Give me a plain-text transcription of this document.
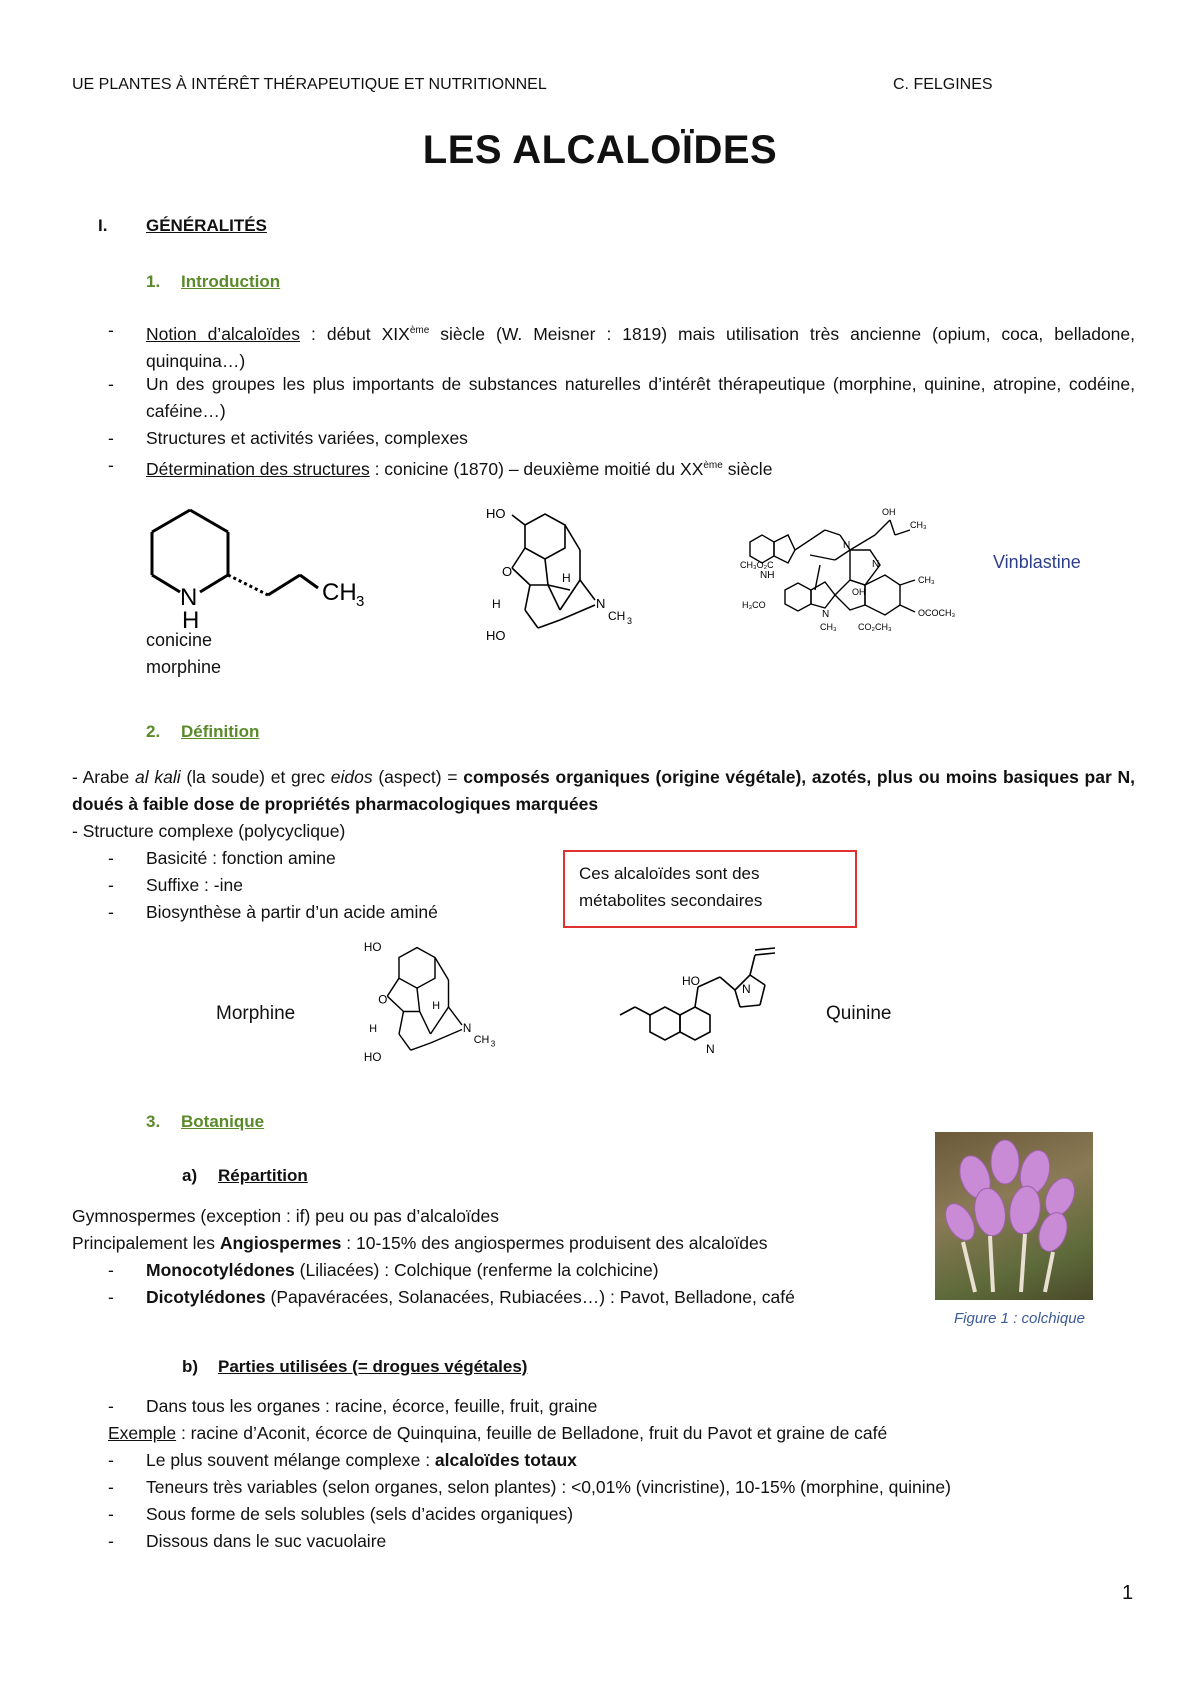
UE PLANTES À INTÉRÊT THÉRAPEUTIQUE ET NUTRITIONNEL	C. FELGINES
LES ALCALOÏDES
I. GÉNÉRALITÉS
1. Introduction
- Notion d’alcaloïdes : début XIXème siècle (W. Meisner : 1819) mais utilisation très ancienne (opium, coca, belladone, quinquina…)
- Un des groupes les plus importants de substances naturelles d’intérêt thérapeutique (morphine, quinine, atropine, codéine, caféine…)
- Structures et activités variées, complexes
- Détermination des structures : conicine (1870) – deuxième moitié du XXème siècle
N
H
CH 3
conicine
morphine
HO
O	H
H	N
CH 3
HO
NH
CH₃O₂C
N
OH
CH₃
N
CH₃
OH
OCOCH₃
H₃CO
N
CH₃ CO₂CH₃
Vinblastine
2. Définition
- Arabe al kali (la soude) et grec eidos (aspect) = composés organiques (origine végétale), azotés, plus ou moins basiques par N, doués à faible dose de propriétés pharmacologiques marquées
- Structure complexe (polycyclique)
- Basicité : fonction amine
- Suffixe : -ine
- Biosynthèse à partir d’un acide aminé
Ces alcaloïdes sont des métabolites secondaires
Morphine
HO
O	H
H	N
CH 3
HO
HO
N
N
Quinine
3. Botanique
a) Répartition
Gymnospermes (exception : if) peu ou pas d’alcaloïdes
Principalement les Angiospermes : 10-15% des angiospermes produisent des alcaloïdes
- Monocotylédones (Liliacées) : Colchique (renferme la colchicine)
- Dicotylédones (Papavéracées, Solanacées, Rubiacées…) : Pavot, Belladone, café
Figure 1 : colchique
b) Parties utilisées (= drogues végétales)
- Dans tous les organes : racine, écorce, feuille, fruit, graine
Exemple : racine d’Aconit, écorce de Quinquina, feuille de Belladone, fruit du Pavot et graine de café
- Le plus souvent mélange complexe : alcaloïdes totaux
- Teneurs très variables (selon organes, selon plantes) : <0,01% (vincristine), 10-15% (morphine, quinine)
- Sous forme de sels solubles (sels d’acides organiques)
- Dissous dans le suc vacuolaire
1
